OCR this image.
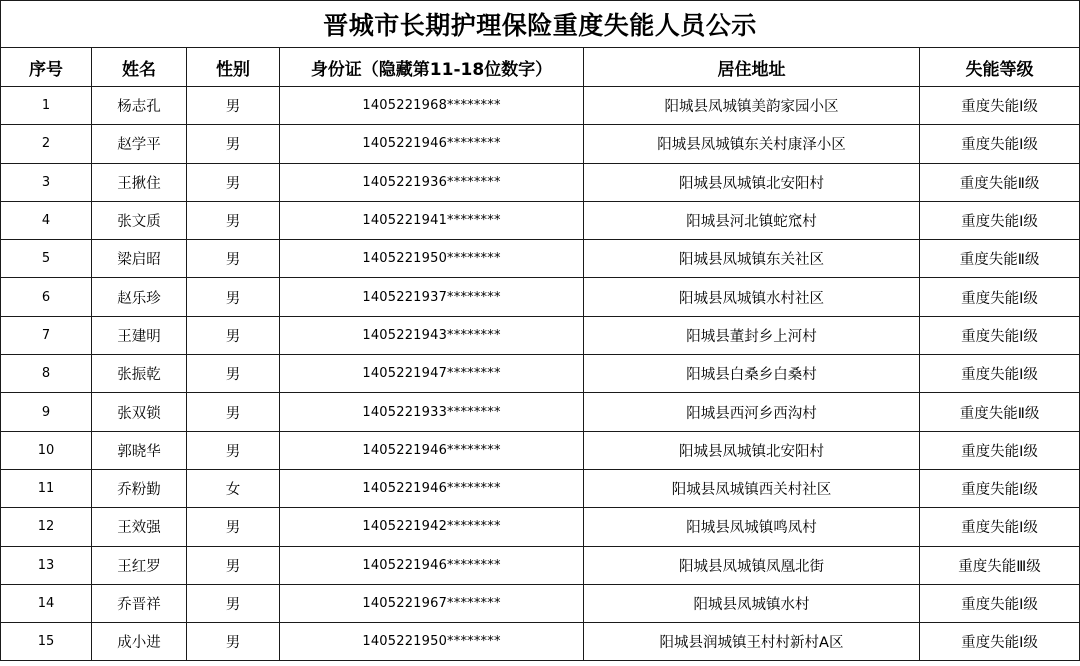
晋城市长期护理保险重度失能人员公示					
序号	姓名	性别	身份证（隐藏第11-18位数字）	居住地址	失能等级
1	杨志孔	男	1405221968********	阳城县凤城镇美韵家园小区	重度失能Ⅰ级
2	赵学平	男	1405221946********	阳城县凤城镇东关村康泽小区	重度失能Ⅰ级
3	王揪住	男	1405221936********	阳城县凤城镇北安阳村	重度失能Ⅱ级
4	张文质	男	1405221941********	阳城县河北镇蛇窊村	重度失能Ⅰ级
5	梁启昭	男	1405221950********	阳城县凤城镇东关社区	重度失能Ⅱ级
6	赵乐珍	男	1405221937********	阳城县凤城镇水村社区	重度失能Ⅰ级
7	王建明	男	1405221943********	阳城县董封乡上河村	重度失能Ⅰ级
8	张振乾	男	1405221947********	阳城县白桑乡白桑村	重度失能Ⅰ级
9	张双锁	男	1405221933********	阳城县西河乡西沟村	重度失能Ⅱ级
10	郭晓华	男	1405221946********	阳城县凤城镇北安阳村	重度失能Ⅰ级
11	乔粉勤	女	1405221946********	阳城县凤城镇西关村社区	重度失能Ⅰ级
12	王效强	男	1405221942********	阳城县凤城镇鸣凤村	重度失能Ⅰ级
13	王红罗	男	1405221946********	阳城县凤城镇凤凰北街	重度失能Ⅲ级
14	乔晋祥	男	1405221967********	阳城县凤城镇水村	重度失能Ⅰ级
15	成小进	男	1405221950********	阳城县润城镇王村村新村A区	重度失能Ⅰ级
